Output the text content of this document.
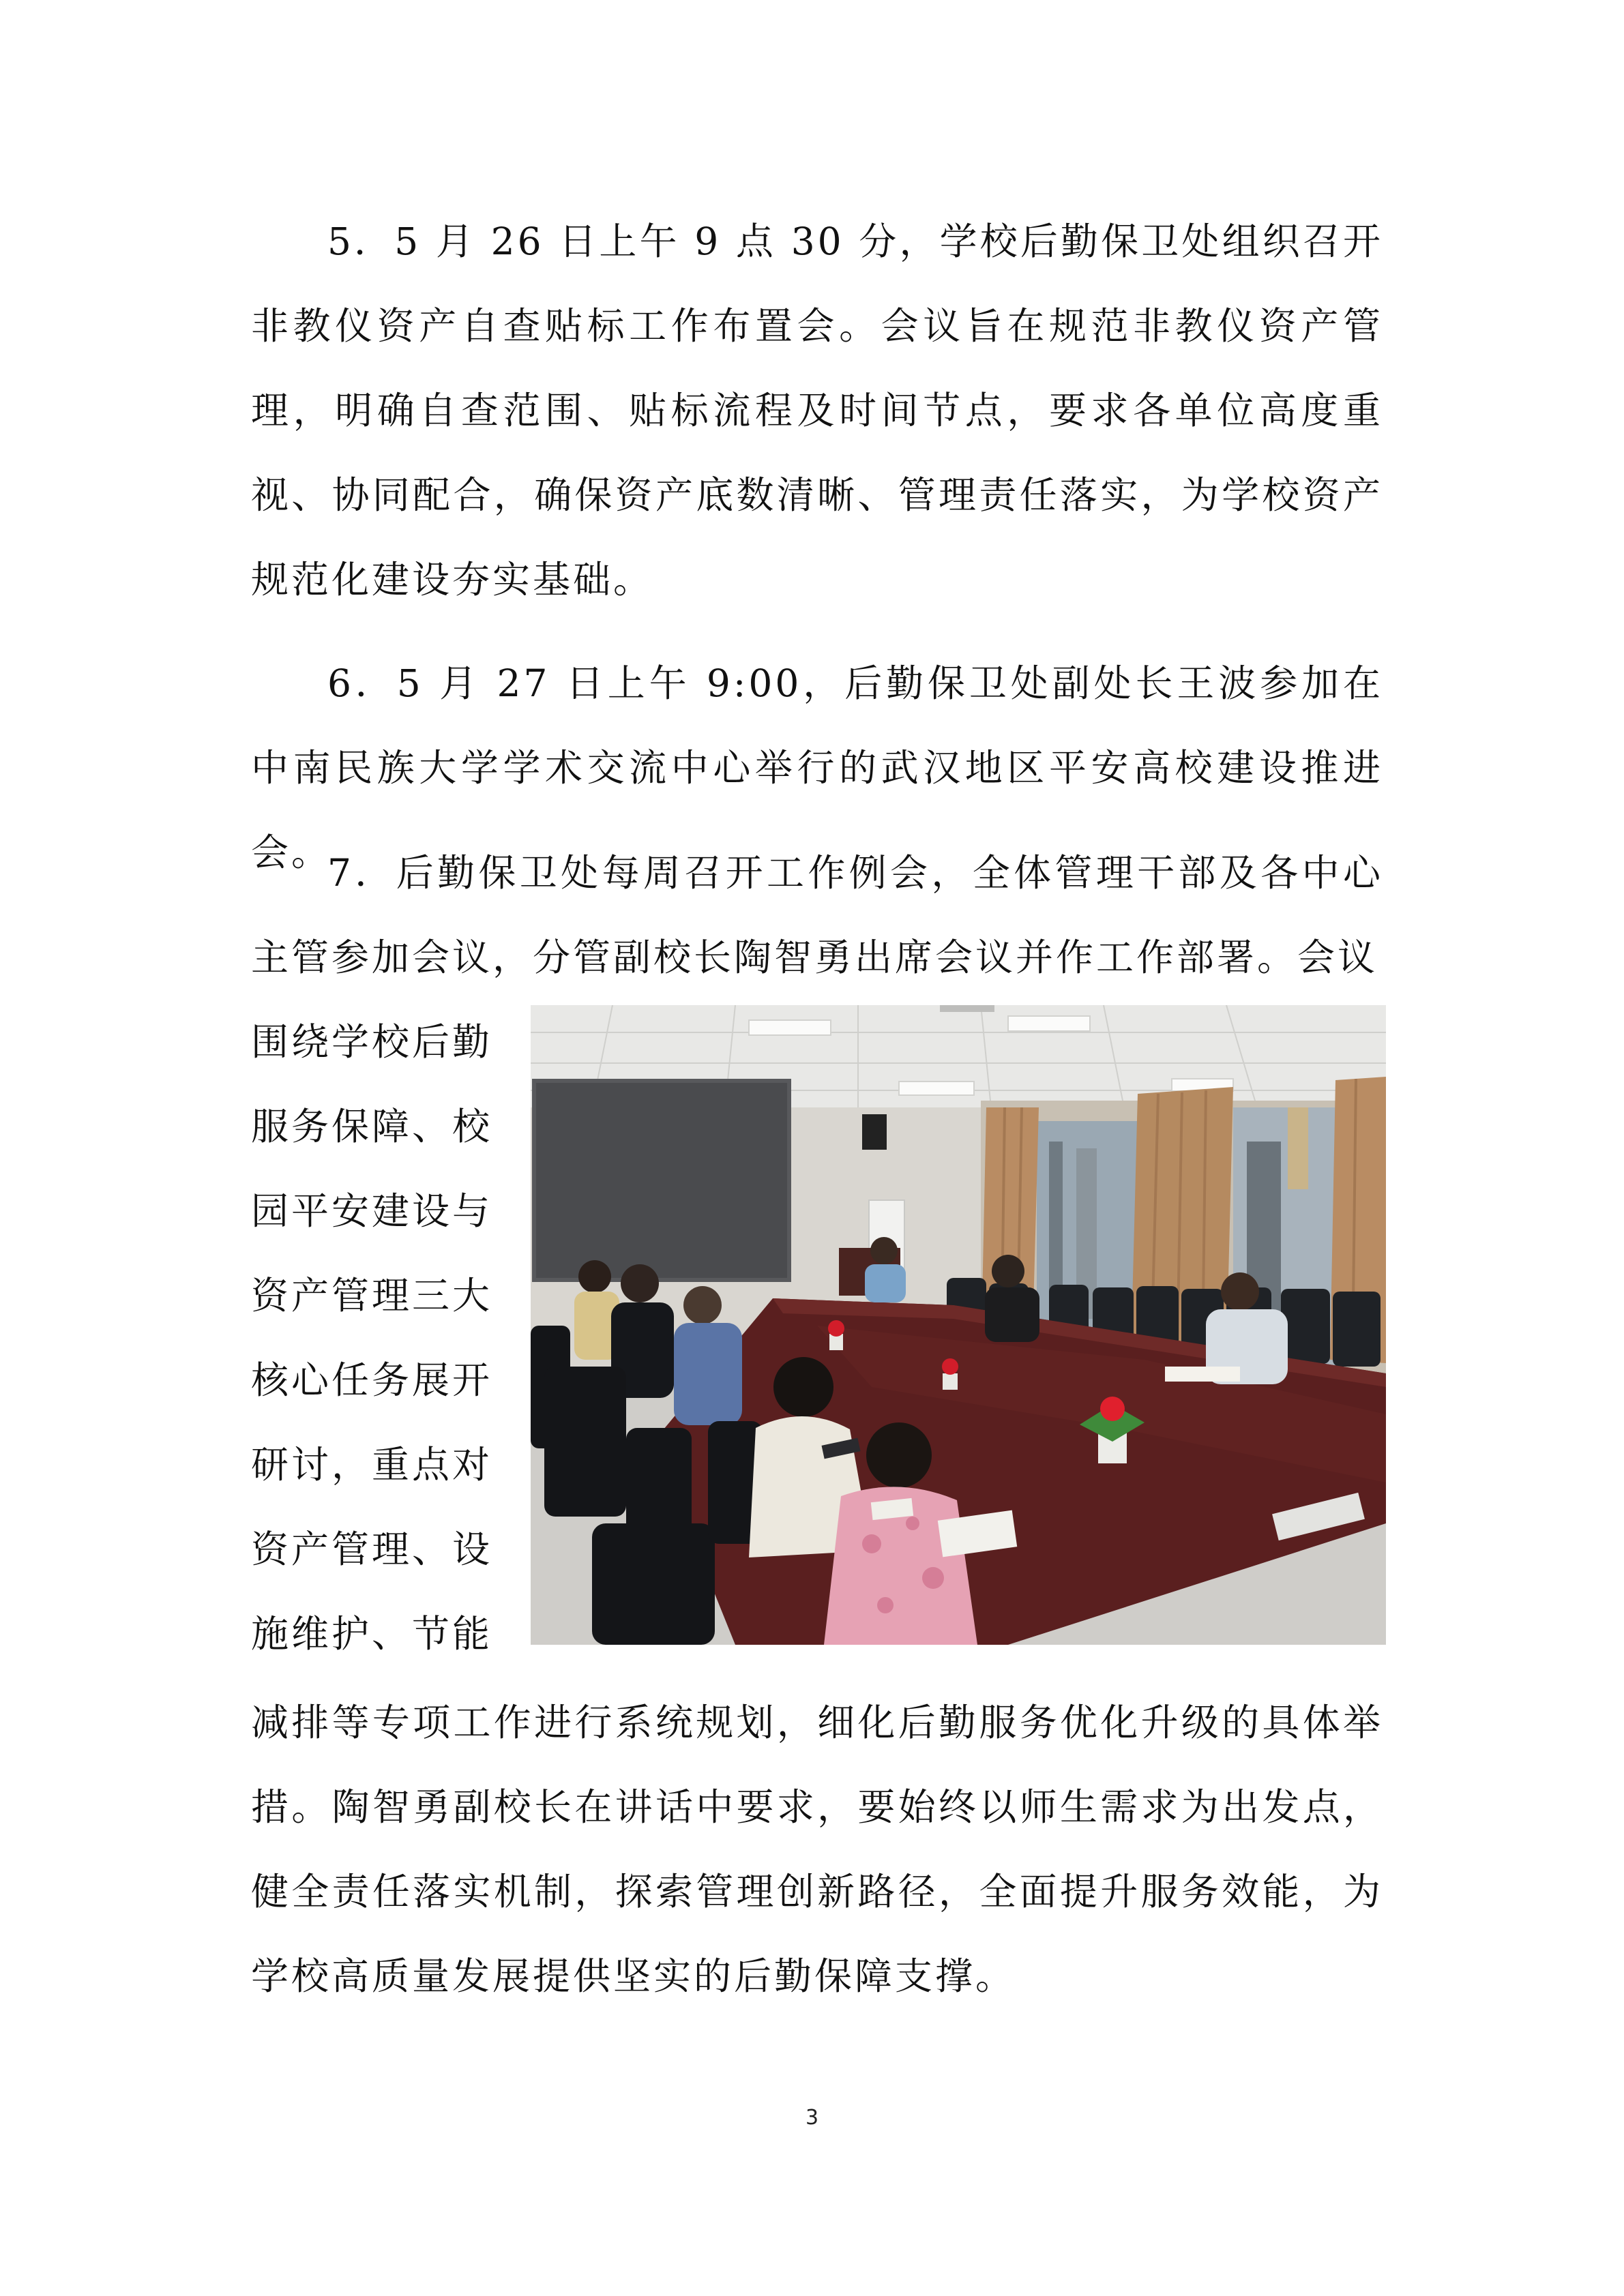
5．5 月 26 日上午 9 点 30 分，学校后勤保卫处组织召开非教仪资产自查贴标工作布置会。会议旨在规范非教仪资产管理，明确自查范围、贴标流程及时间节点，要求各单位高度重视、协同配合，确保资产底数清晰、管理责任落实，为学校资产规范化建设夯实基础。

6．5 月 27 日上午 9:00，后勤保卫处副处长王波参加在中南民族大学学术交流中心举行的武汉地区平安高校建设推进会。

7．后勤保卫处每周召开工作例会，全体管理干部及各中心主管参加会议，分管副校长陶智勇出席会议并作工作部署。会议

围绕学校后勤服务保障、校园平安建设与资产管理三大核心任务展开研讨，重点对资产管理、设施维护、节能

减排等专项工作进行系统规划，细化后勤服务优化升级的具体举措。陶智勇副校长在讲话中要求，要始终以师生需求为出发点，健全责任落实机制，探索管理创新路径，全面提升服务效能，为学校高质量发展提供坚实的后勤保障支撑。

3
